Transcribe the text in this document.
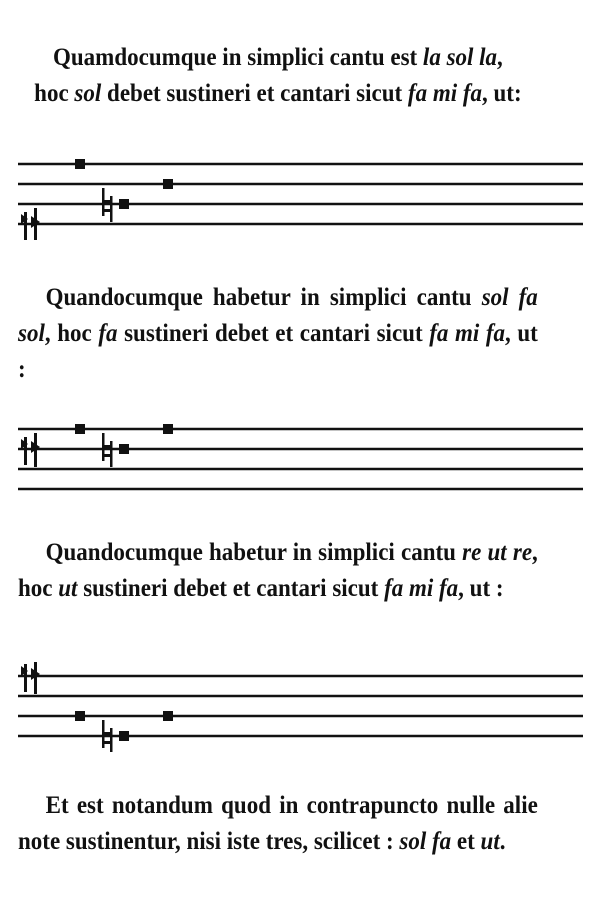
Quamdocumque in simplici cantu est la sol la,
hoc sol debet sustineri et cantari sicut fa mi fa, ut:

Quandocumque habetur in simplici cantu sol fa sol, hoc fa sustineri debet et cantari sicut fa mi fa, ut :

Quandocumque habetur in simplici cantu re ut re, hoc ut sustineri debet et cantari sicut fa mi fa, ut :

Et est notandum quod in contrapuncto nulle alie note sustinentur, nisi iste tres, scilicet : sol fa et ut.
